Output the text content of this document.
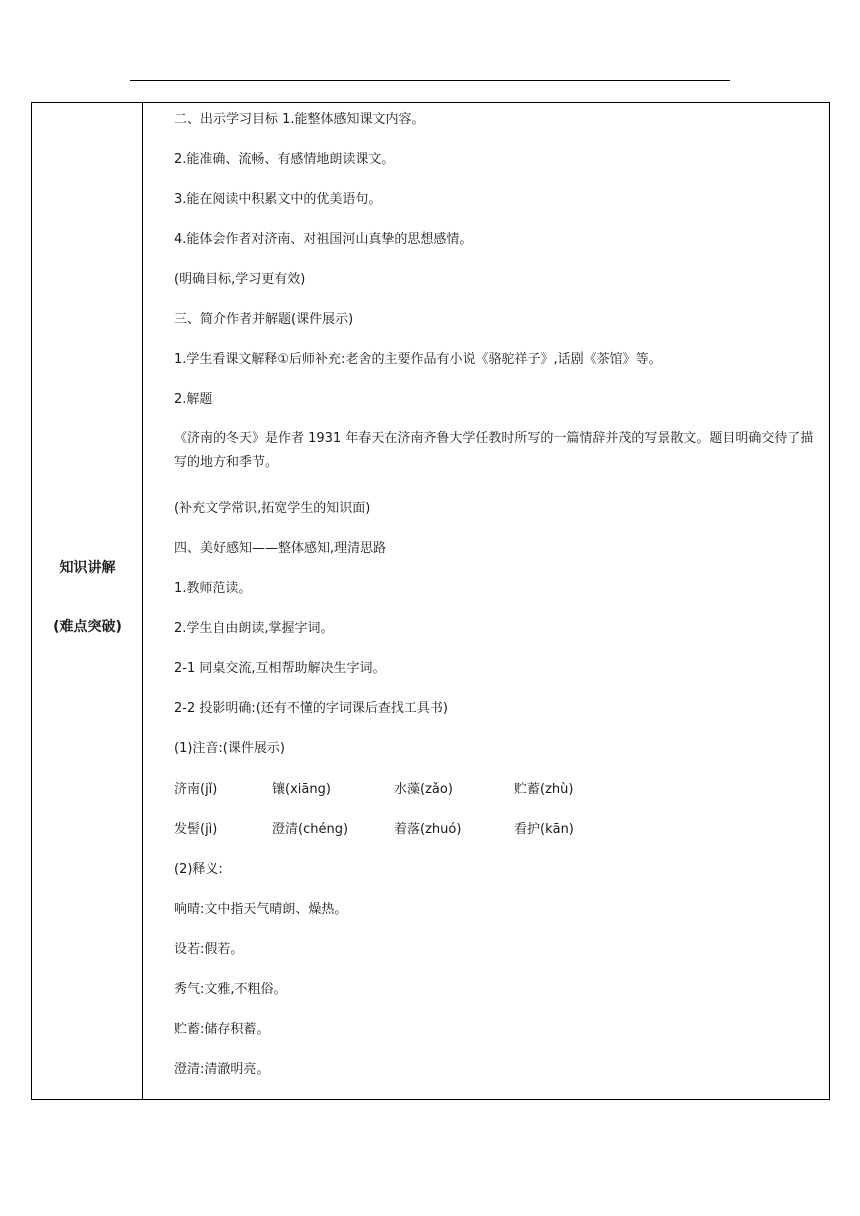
知识讲解
(难点突破)
二、出示学习目标 1.能整体感知课文内容。
2.能准确、流畅、有感情地朗读课文。
3.能在阅读中积累文中的优美语句。
4.能体会作者对济南、对祖国河山真挚的思想感情。
(明确目标,学习更有效)
三、简介作者并解题(课件展示)
1.学生看课文解释①后师补充:老舍的主要作品有小说《骆驼祥子》,话剧《茶馆》等。
2.解题
《济南的冬天》是作者 1931 年春天在济南齐鲁大学任教时所写的一篇情辞并茂的写景散文。题目明确交待了描写的地方和季节。
(补充文学常识,拓宽学生的知识面)
四、美好感知——整体感知,理清思路
1.教师范读。
2.学生自由朗读,掌握字词。
2-1 同桌交流,互相帮助解决生字词。
2-2 投影明确:(还有不懂的字词课后查找工具书)
(1)注音:(课件展示)
济南(jǐ)	镶(xiāng)	水藻(zǎo)	贮蓄(zhù)
发髻(jì)	澄清(chéng)	着落(zhuó)	看护(kān)
(2)释义:
响晴:文中指天气晴朗、燥热。
设若:假若。
秀气:文雅,不粗俗。
贮蓄:储存积蓄。
澄清:清澈明亮。
